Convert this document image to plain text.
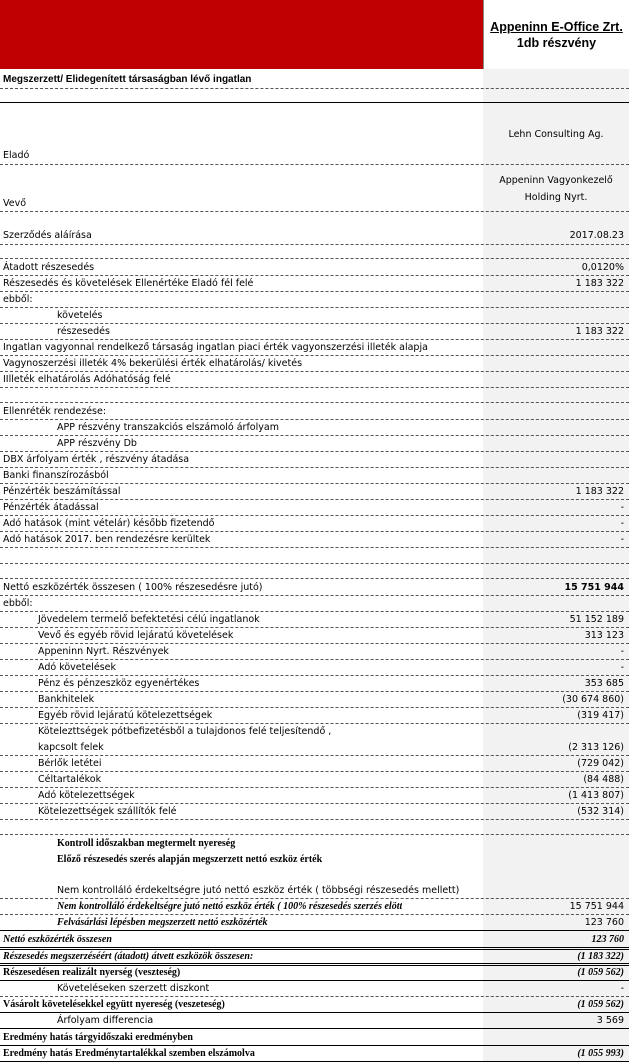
Appeninn E-Office Zrt.
1db részvény
Megszerzett/ Elidegenített társaságban lévő ingatlan
Lehn Consulting Ag.
Eladó
Appeninn Vagyonkezelő
Holding Nyrt.
Vevő
Szerződés aláírása	2017.08.23
Átadott részesedés	0,0120%
Részesedés és követelések Ellenértéke Eladó fél felé	1 183 322
ebből:
követelés
részesedés	1 183 322
Ingatlan vagyonnal rendelkező társaság ingatlan piaci érték vagyonszerzési illeték alapja
Vagynoszerzési illeték 4% bekerülési érték elhatárolás/ kivetés
IIlleték elhatárolás Adóhatóság felé
Ellenréték rendezése:
APP részvény transzakciós elszámoló árfolyam
APP részvény Db
DBX árfolyam érték , részvény átadása
Banki finanszírozásból
Pénzérték beszámítással	1 183 322
Pénzérték átadással	-
Adó hatások (mint vételár) később fizetendő	-
Adó hatások 2017. ben rendezésre kerültek	-
Nettó eszközérték összesen ( 100% részesedésre jutó)	15 751 944
ebből:
Jövedelem termelő befektetési célú ingatlanok	51 152 189
Vevő és egyéb rövid lejáratú követelések	313 123
Appeninn Nyrt. Részvények	-
Adó követelések	-
Pénz és pénzeszköz egyenértékes	353 685
Bankhitelek	(30 674 860)
Egyéb rövid lejáratú kötelezettségek	(319 417)
Kötelezttségek pótbefizetésből a tulajdonos felé teljesítendő ,
kapcsolt felek	(2 313 126)
Bérlők letétei	(729 042)
Céltartalékok	(84 488)
Adó kötelezettségek	(1 413 807)
Kötelezettségek szállítók felé	(532 314)
Kontroll időszakban megtermelt nyereség
Előző részesedés szerés alapján megszerzett nettó eszköz érték
Nem kontrolláló érdekeltségre jutó nettó eszköz érték ( többségi részesedés mellett)
Nem kontrolláló érdekeltségre jutó nettó eszköz érték ( 100% részesedés szerzés elött	15 751 944
Felvásárlási lépésben megszerzett nettó eszközérték	123 760
Nettó eszközérték összesen	123 760
Részesedés megszerzéséért (átadott) átvett eszközök összesen:	(1 183 322)
Részesedésen realizált nyerség (veszteség)	(1 059 562)
Követeléseken szerzett diszkont	-
Vásárolt követelésekkel együtt nyereség (veszeteség)	(1 059 562)
Árfolyam differencia	3 569
Eredmény hatás tárgyidőszaki eredményben
Eredmény hatás Eredménytartalékkal szemben elszámolva	(1 055 993)
